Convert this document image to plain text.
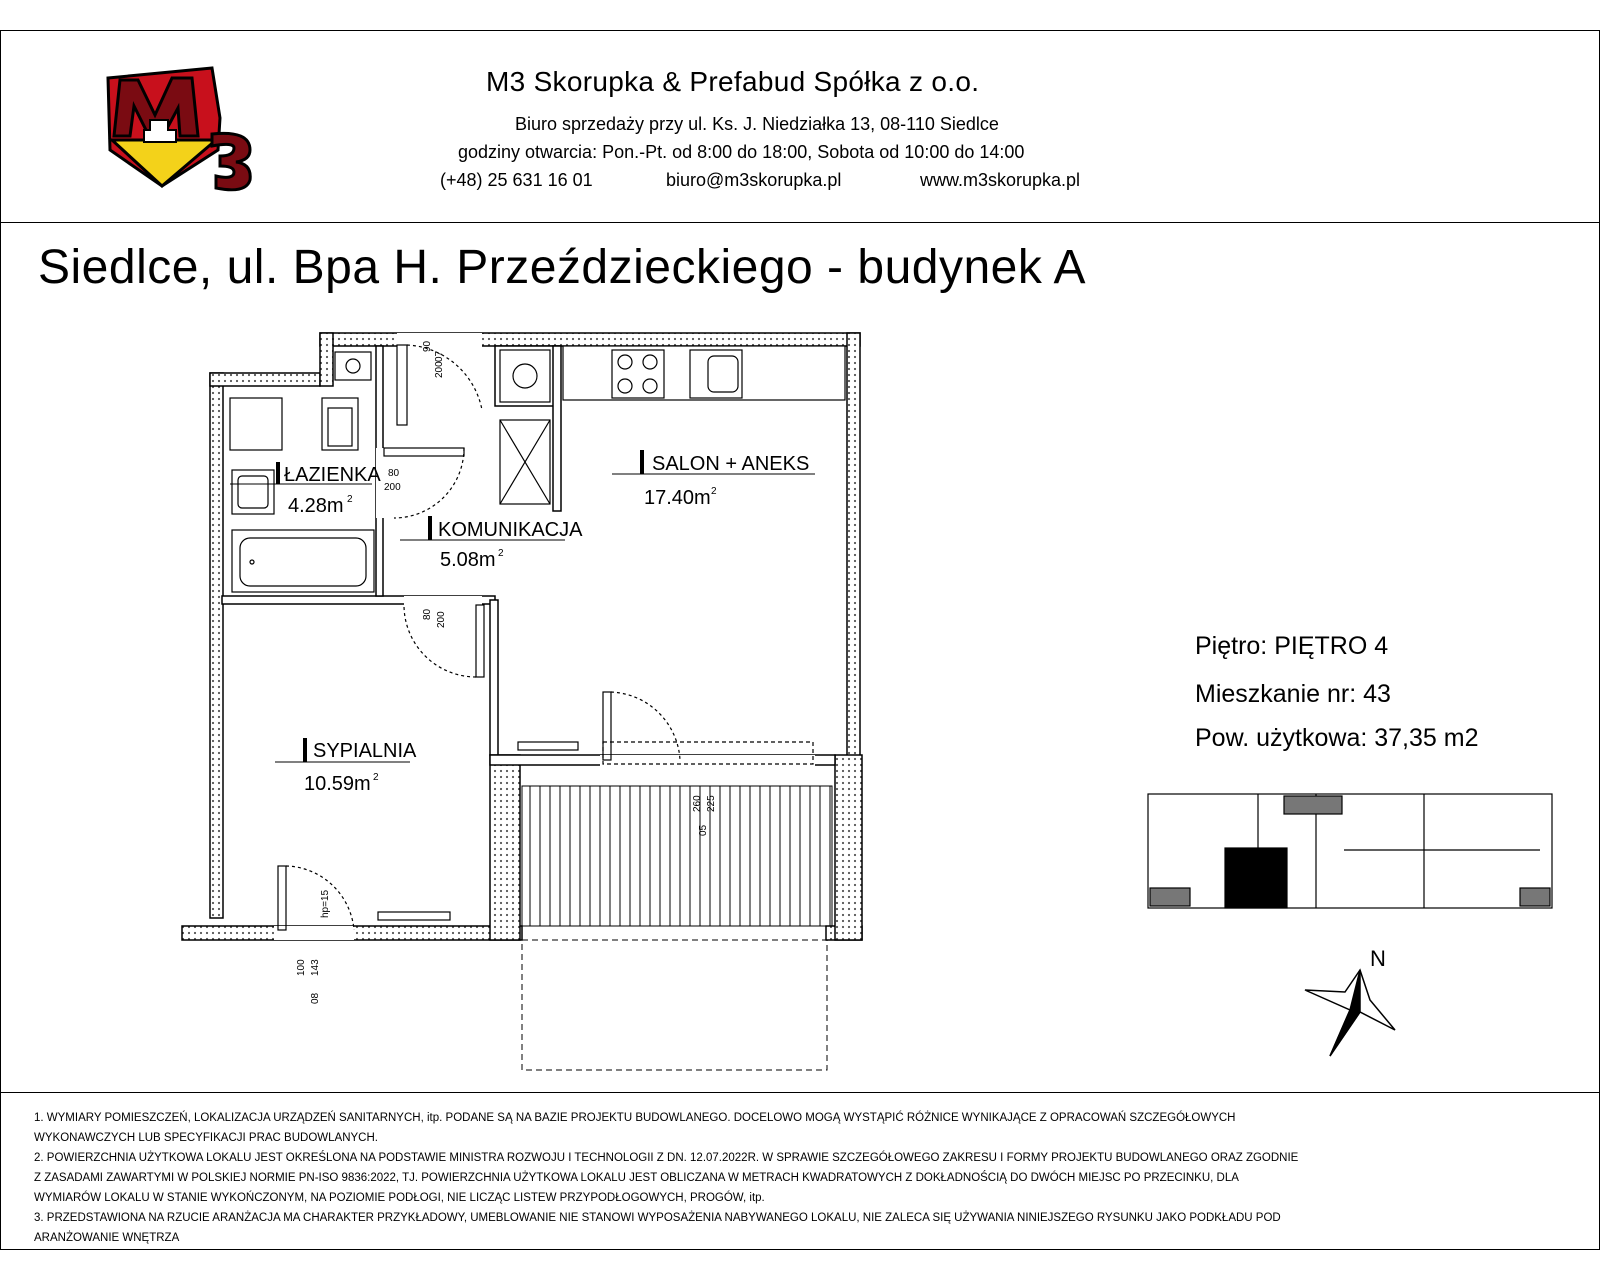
M3 Skorupka & Prefabud Spółka z o.o.
Biuro sprzedaży przy ul. Ks. J. Niedziałka 13, 08-110 Siedlce
godziny otwarcia: Pon.-Pt. od 8:00 do 18:00, Sobota od 10:00 do 14:00
(+48) 25 631 16 01	biuro@m3skorupka.pl	www.m3skorupka.pl
Siedlce, ul. Bpa H. Przeździeckiego - budynek A
Piętro: PIĘTRO 4
Mieszkanie nr: 43
Pow. użytkowa: 37,35 m2
ŁAZIENKA
4.28m 2
KOMUNIKACJA
5.08m 2
SALON + ANEKS
17.40m 2
SYPIALNIA
10.59m 2
90
200
07
80
200
80 200
260 225
05
100 143
08
hp=15
N
1. WYMIARY POMIESZCZEŃ, LOKALIZACJA URZĄDZEŃ SANITARNYCH, itp. PODANE SĄ NA BAZIE PROJEKTU BUDOWLANEGO. DOCELOWO MOGĄ WYSTĄPIĆ RÓŻNICE WYNIKAJĄCE Z OPRACOWAŃ SZCZEGÓŁOWYCH
WYKONAWCZYCH LUB SPECYFIKACJI PRAC BUDOWLANYCH.
2. POWIERZCHNIA UŻYTKOWA LOKALU JEST OKREŚLONA NA PODSTAWIE MINISTRA ROZWOJU I TECHNOLOGII Z DN. 12.07.2022R. W SPRAWIE SZCZEGÓŁOWEGO ZAKRESU I FORMY PROJEKTU BUDOWLANEGO ORAZ ZGODNIE
Z ZASADAMI ZAWARTYMI W POLSKIEJ NORMIE PN-ISO 9836:2022, TJ. POWIERZCHNIA UŻYTKOWA LOKALU JEST OBLICZANA W METRACH KWADRATOWYCH Z DOKŁADNOŚCIĄ DO DWÓCH MIEJSC PO PRZECINKU, DLA
WYMIARÓW LOKALU W STANIE WYKOŃCZONYM, NA POZIOMIE PODŁOGI, NIE LICZĄC LISTEW PRZYPODŁOGOWYCH, PROGÓW, itp.
3. PRZEDSTAWIONA NA RZUCIE ARANŻACJA MA CHARAKTER PRZYKŁADOWY, UMEBLOWANIE NIE STANOWI WYPOSAŻENIA NABYWANEGO LOKALU, NIE ZALECA SIĘ UŻYWANIA NINIEJSZEGO RYSUNKU JAKO PODKŁADU POD
ARANŻOWANIE WNĘTRZA
